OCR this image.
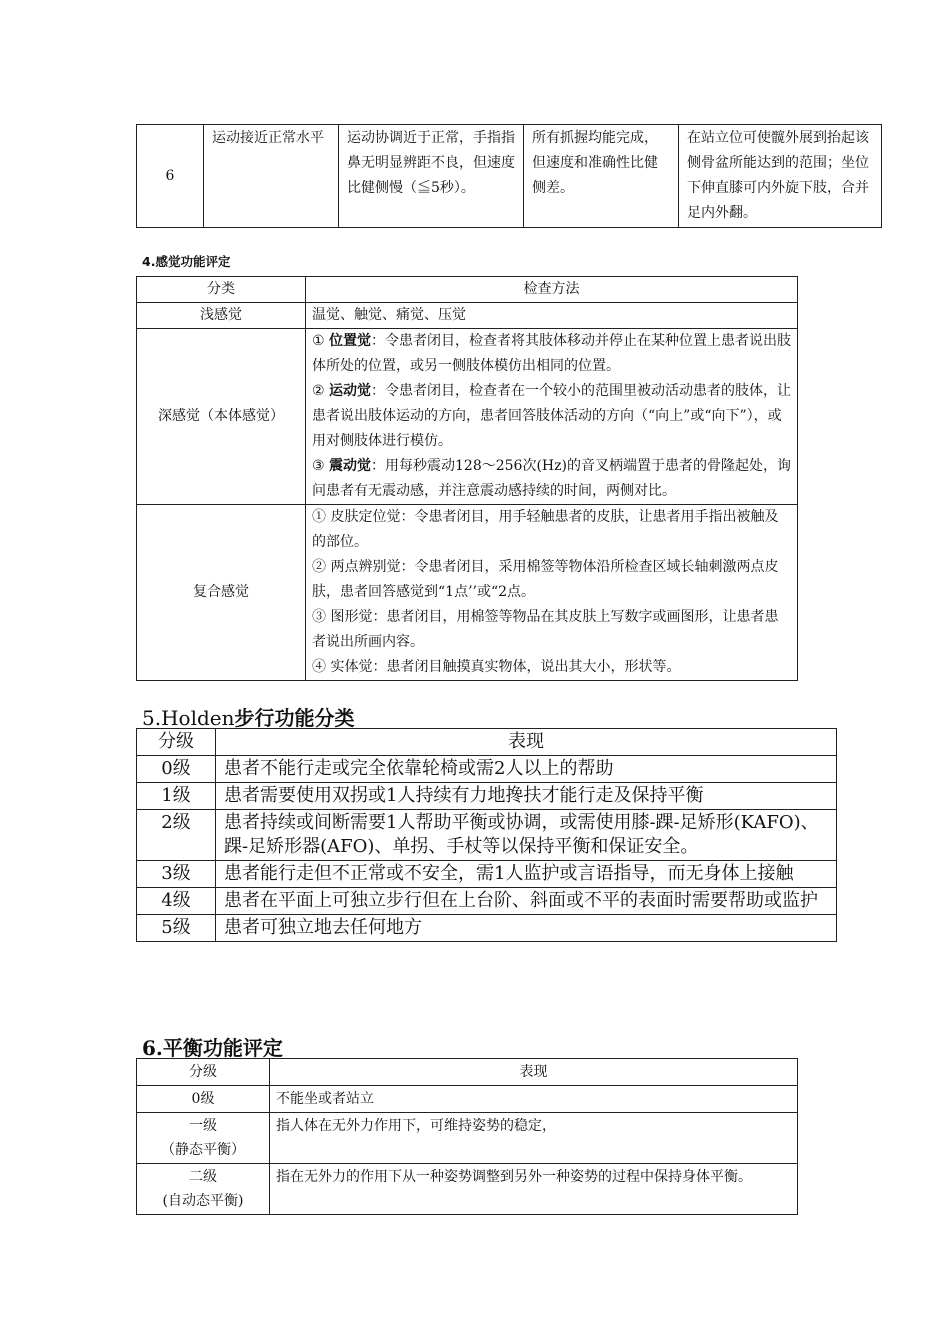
6	运动接近正常水平	运动协调近于正常，手指指鼻无明显辨距不良，但速度比健侧慢（≦5秒）。	所有抓握均能完成，但速度和准确性比健侧差。	在站立位可使髋外展到抬起该侧骨盆所能达到的范围；坐位下伸直膝可内外旋下肢，合并足内外翻。
4.感觉功能评定
分类	检查方法
浅感觉	温觉、触觉、痛觉、压觉
深感觉（本体感觉）	① 位置觉：令患者闭目，检查者将其肢体移动并停止在某种位置上患者说出肢体所处的位置，或另一侧肢体模仿出相同的位置。
② 运动觉：令患者闭目，检查者在一个较小的范围里被动活动患者的肢体，让患者说出肢体运动的方向，患者回答肢体活动的方向（“向上”或“向下”），或用对侧肢体进行模仿。
③ 震动觉：用每秒震动128～256次(Hz)的音叉柄端置于患者的骨隆起处，询问患者有无震动感，并注意震动感持续的时间，两侧对比。

复合感觉	① 皮肤定位觉：令患者闭目，用手轻触患者的皮肤，让患者用手指出被触及的部位。
② 两点辨别觉：令患者闭目，采用棉签等物体沿所检查区域长轴刺激两点皮肤，患者回答感觉到“1点’’或“2点。
③ 图形觉：患者闭目，用棉签等物品在其皮肤上写数字或画图形，让患者患者说出所画内容。
④ 实体觉：患者闭目触摸真实物体，说出其大小，形状等。
5.Holden步行功能分类
分级	表现
0级	患者不能行走或完全依靠轮椅或需2人以上的帮助
1级	患者需要使用双拐或1人持续有力地搀扶才能行走及保持平衡
2级	患者持续或间断需要1人帮助平衡或协调，或需使用膝-踝-足矫形(KAFO)、踝-足矫形器(AFO)、单拐、手杖等以保持平衡和保证安全。
3级	患者能行走但不正常或不安全，需1人监护或言语指导，而无身体上接触
4级	患者在平面上可独立步行但在上台阶、斜面或不平的表面时需要帮助或监护
5级	患者可独立地去任何地方
6.平衡功能评定
分级	表现
0级	不能坐或者站立

一级
（静态平衡）	指人体在无外力作用下，可维持姿势的稳定，

二级
(自动态平衡)	指在无外力的作用下从一种姿势调整到另外一种姿势的过程中保持身体平衡。
